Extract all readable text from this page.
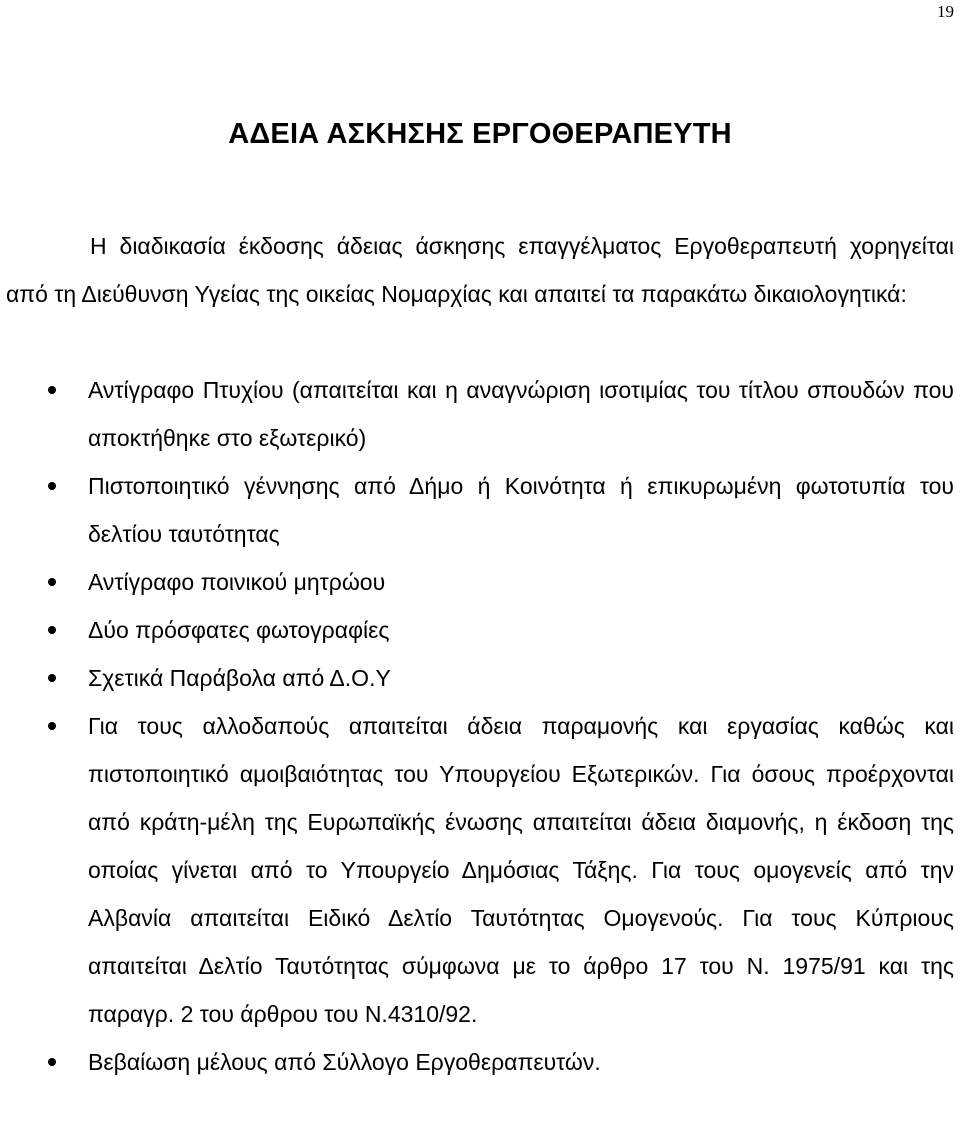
19
ΑΔΕΙΑ ΑΣΚΗΣΗΣ ΕΡΓΟΘΕΡΑΠΕΥΤΗ

Η διαδικασία έκδοσης άδειας άσκησης επαγγέλματος Εργοθεραπευτή χορηγείται από τη Διεύθυνση Υγείας της οικείας Νομαρχίας και απαιτεί τα παρακάτω δικαιολογητικά:

Αντίγραφο Πτυχίου (απαιτείται και η αναγνώριση ισοτιμίας του τίτλου σπουδών που αποκτήθηκε στο εξωτερικό)
Πιστοποιητικό γέννησης από Δήμο ή Κοινότητα ή επικυρωμένη φωτοτυπία του δελτίου ταυτότητας
Αντίγραφο ποινικού μητρώου
Δύο πρόσφατες φωτογραφίες
Σχετικά Παράβολα από Δ.Ο.Υ
Για τους αλλοδαπούς απαιτείται άδεια παραμονής και εργασίας καθώς και πιστοποιητικό αμοιβαιότητας του Υπουργείου Εξωτερικών. Για όσους προέρχονται από κράτη-μέλη της Ευρωπαϊκής ένωσης απαιτείται άδεια διαμονής, η έκδοση της οποίας γίνεται από το Υπουργείο Δημόσιας Τάξης. Για τους ομογενείς από την Αλβανία απαιτείται Ειδικό Δελτίο Ταυτότητας Ομογενούς. Για τους Κύπριους απαιτείται Δελτίο Ταυτότητας σύμφωνα με το άρθρο 17 του Ν. 1975/91 και της παραγρ. 2 του άρθρου του Ν.4310/92.
Βεβαίωση μέλους από Σύλλογο Εργοθεραπευτών.
